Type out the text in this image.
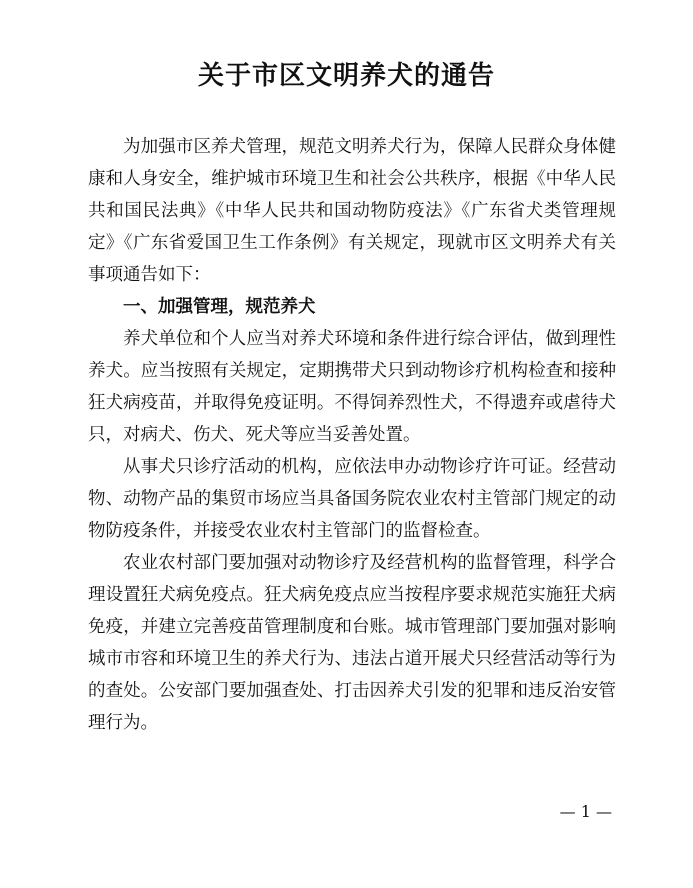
关于市区文明养犬的通告

为加强市区养犬管理，规范文明养犬行为，保障人民群众身体健康和人身安全，维护城市环境卫生和社会公共秩序，根据《中华人民共和国民法典》《中华人民共和国动物防疫法》《广东省犬类管理规定》《广东省爱国卫生工作条例》有关规定，现就市区文明养犬有关事项通告如下：

一、加强管理，规范养犬

养犬单位和个人应当对养犬环境和条件进行综合评估，做到理性养犬。应当按照有关规定，定期携带犬只到动物诊疗机构检查和接种狂犬病疫苗，并取得免疫证明。不得饲养烈性犬，不得遗弃或虐待犬只，对病犬、伤犬、死犬等应当妥善处置。

从事犬只诊疗活动的机构，应依法申办动物诊疗许可证。经营动物、动物产品的集贸市场应当具备国务院农业农村主管部门规定的动物防疫条件，并接受农业农村主管部门的监督检查。

农业农村部门要加强对动物诊疗及经营机构的监督管理，科学合理设置狂犬病免疫点。狂犬病免疫点应当按程序要求规范实施狂犬病免疫，并建立完善疫苗管理制度和台账。城市管理部门要加强对影响城市市容和环境卫生的养犬行为、违法占道开展犬只经营活动等行为的查处。公安部门要加强查处、打击因养犬引发的犯罪和违反治安管理行为。

— 1 —
